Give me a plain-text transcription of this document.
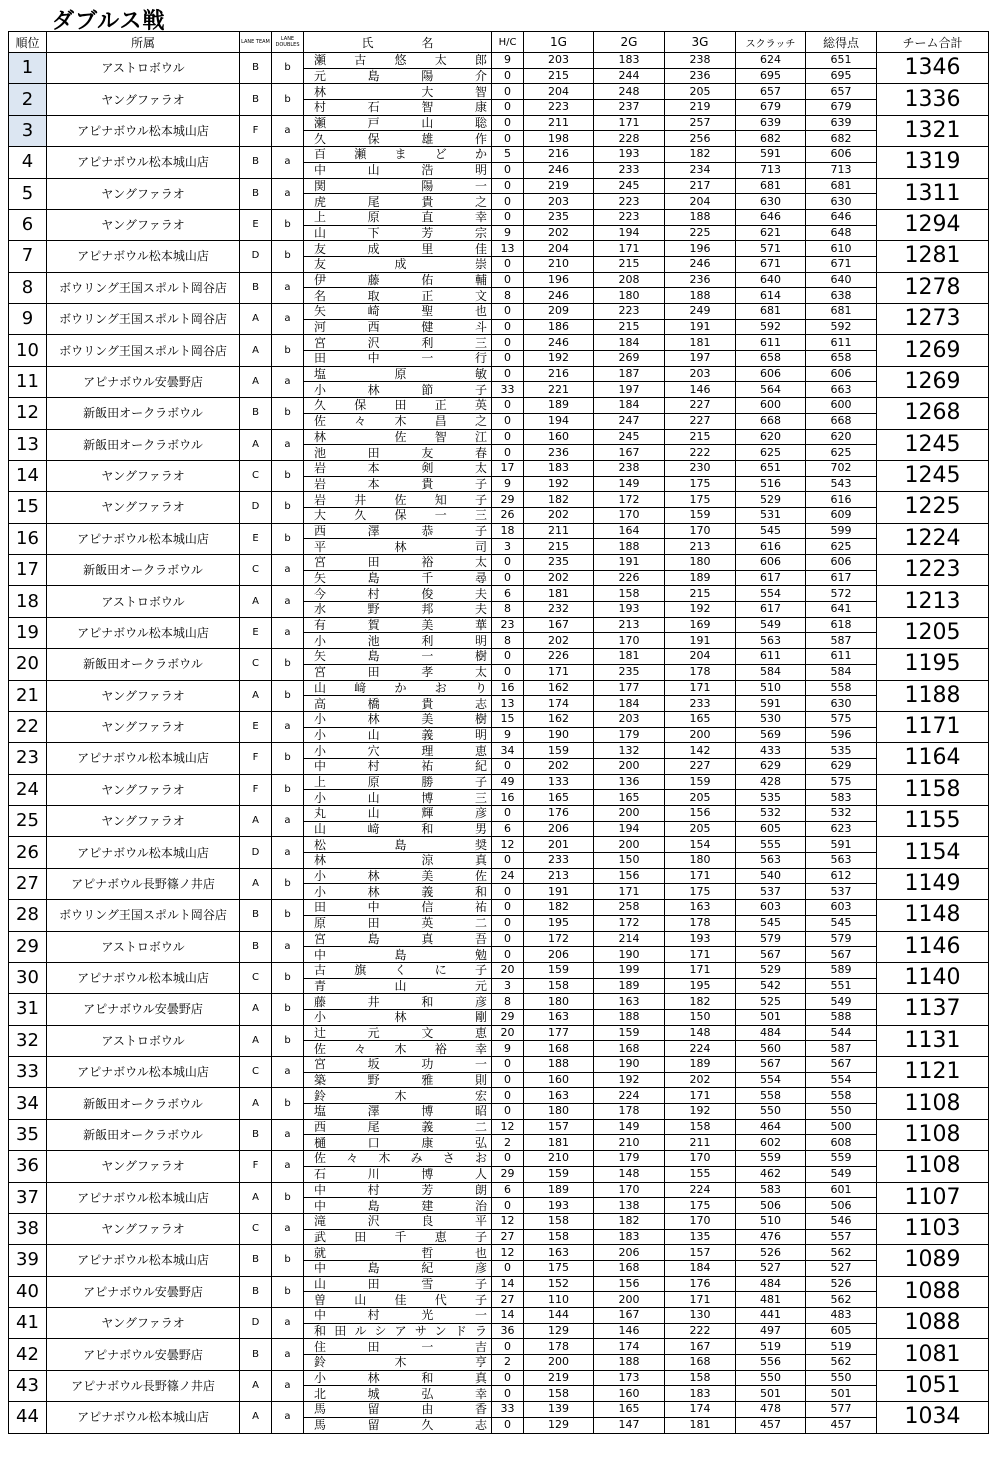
ダブルス戦
順位	所属	LANE TEAM	LANE DOUBLES	氏　　　　名	H/C	1G	2G	3G	スクラッチ	総得点	チーム合計
1	アストロボウル	B	b	瀬古悠太郎	9	203	183	238	624	651	1346
				元島陽介	0	215	244	236	695	695	
2	ヤングファラオ	B	b	林　大智	0	204	248	205	657	657	1336
				村石智康	0	223	237	219	679	679	
3	アピナボウル松本城山店	F	a	瀬戸山聡	0	211	171	257	639	639	1321
				久保雄作	0	198	228	256	682	682	
4	アピナボウル松本城山店	B	a	百瀬まどか	5	216	193	182	591	606	1319
				中山浩明	0	246	233	234	713	713	
5	ヤングファラオ	B	a	関　陽一	0	219	245	217	681	681	1311
				虎尾貴之	0	203	223	204	630	630	
6	ヤングファラオ	E	b	上原直幸	0	235	223	188	646	646	1294
				山下芳宗	9	202	194	225	621	648	
7	アピナボウル松本城山店	D	b	友成里佳	13	204	171	196	571	610	1281
				友成崇	0	210	215	246	671	671	
8	ボウリング王国スポルト岡谷店	B	a	伊藤佑輔	0	196	208	236	640	640	1278
				名取正文	8	246	180	188	614	638	
9	ボウリング王国スポルト岡谷店	A	a	矢崎聖也	0	209	223	249	681	681	1273
				河西健斗	0	186	215	191	592	592	
10	ボウリング王国スポルト岡谷店	A	b	宮沢利三	0	246	184	181	611	611	1269
				田中一行	0	192	269	197	658	658	
11	アピナボウル安曇野店	A	a	塩原敏	0	216	187	203	606	606	1269
				小林節子	33	221	197	146	564	663	
12	新飯田オークラボウル	B	b	久保田正英	0	189	184	227	600	600	1268
				佐々木昌之	0	194	247	227	668	668	
13	新飯田オークラボウル	A	a	林　佐智江	0	160	245	215	620	620	1245
				池田友春	0	236	167	222	625	625	
14	ヤングファラオ	C	b	岩本剣太	17	183	238	230	651	702	1245
				岩本貴子	9	192	149	175	516	543	
15	ヤングファラオ	D	b	岩井佐知子	29	182	172	175	529	616	1225
				大久保一三	26	202	170	159	531	609	
16	アピナボウル松本城山店	E	b	西澤恭子	18	211	164	170	545	599	1224
				平林司	3	215	188	213	616	625	
17	新飯田オークラボウル	C	a	宮田裕太	0	235	191	180	606	606	1223
				矢島千尋	0	202	226	189	617	617	
18	アストロボウル	A	a	今村俊夫	6	181	158	215	554	572	1213
				水野邦夫	8	232	193	192	617	641	
19	アピナボウル松本城山店	E	a	有賀美華	23	167	213	169	549	618	1205
				小池利明	8	202	170	191	563	587	
20	新飯田オークラボウル	C	b	矢島一樹	0	226	181	204	611	611	1195
				宮田孝太	0	171	235	178	584	584	
21	ヤングファラオ	A	b	山﨑かおり	16	162	177	171	510	558	1188
				高橋貴志	13	174	184	233	591	630	
22	ヤングファラオ	E	a	小林美樹	15	162	203	165	530	575	1171
				小山義明	9	190	179	200	569	596	
23	アピナボウル松本城山店	F	b	小穴理恵	34	159	132	142	433	535	1164
				中村祐紀	0	202	200	227	629	629	
24	ヤングファラオ	F	b	上原勝子	49	133	136	159	428	575	1158
				小山博三	16	165	165	205	535	583	
25	ヤングファラオ	A	a	丸山輝彦	0	176	200	156	532	532	1155
				山﨑和男	6	206	194	205	605	623	
26	アピナボウル松本城山店	D	a	松島奨	12	201	200	154	555	591	1154
				林　涼真	0	233	150	180	563	563	
27	アピナボウル長野篠ノ井店	A	b	小林美佐	24	213	156	171	540	612	1149
				小林義和	0	191	171	175	537	537	
28	ボウリング王国スポルト岡谷店	B	b	田中信祐	0	182	258	163	603	603	1148
				原田英二	0	195	172	178	545	545	
29	アストロボウル	B	a	宮島真吾	0	172	214	193	579	579	1146
				中島勉	0	206	190	171	567	567	
30	アピナボウル松本城山店	C	b	古旗くに子	20	159	199	171	529	589	1140
				青山元	3	158	189	195	542	551	
31	アピナボウル安曇野店	A	b	藤井和彦	8	180	163	182	525	549	1137
				小林剛	29	163	188	150	501	588	
32	アストロボウル	A	b	辻元文恵	20	177	159	148	484	544	1131
				佐々木裕幸	9	168	168	224	560	587	
33	アピナボウル松本城山店	C	a	宮坂功一	0	188	190	189	567	567	1121
				築野雅則	0	160	192	202	554	554	
34	新飯田オークラボウル	A	b	鈴木宏	0	163	224	171	558	558	1108
				塩澤博昭	0	180	178	192	550	550	
35	新飯田オークラボウル	B	a	西尾義二	12	157	149	158	464	500	1108
				樋口康弘	2	181	210	211	602	608	
36	ヤングファラオ	F	a	佐々木みさお	0	210	179	170	559	559	1108
				石川博人	29	159	148	155	462	549	
37	アピナボウル松本城山店	A	b	中村芳朗	6	189	170	224	583	601	1107
				中島建治	0	193	138	175	506	506	
38	ヤングファラオ	C	a	滝沢良平	12	158	182	170	510	546	1103
				武田千恵子	27	158	183	135	476	557	
39	アピナボウル松本城山店	B	b	就　哲也	12	163	206	157	526	562	1089
				中島紀彦	0	175	168	184	527	527	
40	アピナボウル安曇野店	B	b	山田雪子	14	152	156	176	484	526	1088
				曽山佳代子	27	110	200	171	481	562	
41	ヤングファラオ	D	a	中村光一	14	144	167	130	441	483	1088
				和田ルシアサンドラ	36	129	146	222	497	605	
42	アピナボウル安曇野店	B	a	住田一吉	0	178	174	167	519	519	1081
				鈴木亨	2	200	188	168	556	562	
43	アピナボウル長野篠ノ井店	A	a	小林和真	0	219	173	158	550	550	1051
				北城弘幸	0	158	160	183	501	501	
44	アピナボウル松本城山店	A	a	馬留由香	33	139	165	174	478	577	1034
				馬留久志	0	129	147	181	457	457	
